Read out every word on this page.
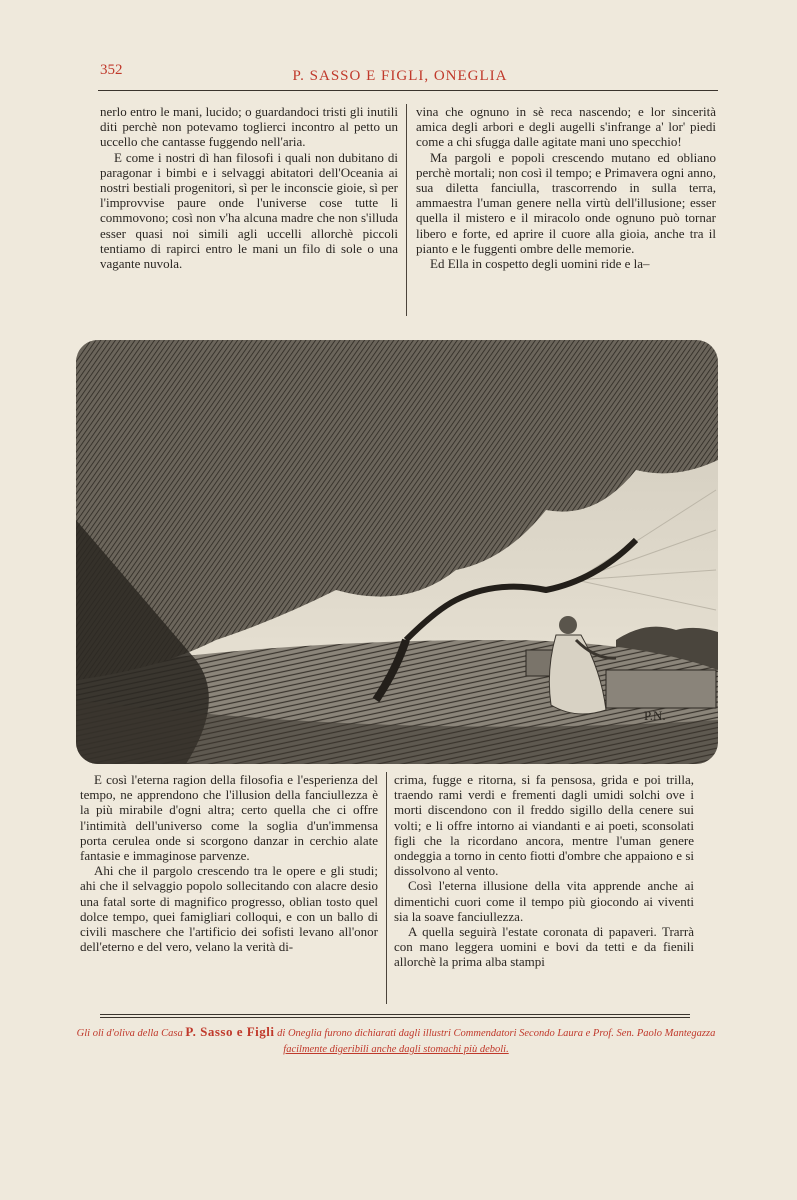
352	P. SASSO E FIGLI, ONEGLIA

nerlo entro le mani, lucido; o guardandoci tristi gli inutili diti perchè non potevamo toglierci incontro al petto un uccello che cantasse fuggendo nell'aria.

E come i nostri dì han filosofi i quali non dubitano di paragonar i bimbi e i selvaggi abitatori dell'Oceania ai nostri bestiali progenitori, sì per le inconscie gioie, sì per l'improvvise paure onde l'universe cose tutte li commovono; così non v'ha alcuna madre che non s'illuda esser quasi noi simili agli uccelli allorchè piccoli tentiamo di rapirci entro le mani un filo di sole o una vagante nuvola.

vina che ognuno in sè reca nascendo; e lor sincerità amica degli arbori e degli augelli s'infrange a' lor' piedi come a chi sfugga dalle agitate mani uno specchio!

Ma pargoli e popoli crescendo mutano ed obliano perchè mortali; non così il tempo; e Primavera ogni anno, sua diletta fanciulla, trascorrendo in sulla terra, ammaestra l'uman genere nella virtù dell'illusione; esser quella il mistero e il miracolo onde ognuno può tornar libero e forte, ed aprire il cuore alla gioia, anche tra il pianto e le fuggenti ombre delle memorie.

Ed Ella in cospetto degli uomini ride e la–

P.N.

E così l'eterna ragion della filosofia e l'esperienza del tempo, ne apprendono che l'illusion della fanciullezza è la più mirabile d'ogni altra; certo quella che ci offre l'intimità dell'universo come la soglia d'un'immensa porta cerulea onde si scorgono danzar in cerchio alate fantasie e immaginose parvenze.

Ahi che il pargolo crescendo tra le opere e gli studi; ahi che il selvaggio popolo sollecitando con alacre desio una fatal sorte di magnifico progresso, oblian tosto quel dolce tempo, quei famigliari colloqui, e con un ballo di civili maschere che l'artificio dei sofisti levano all'onor dell'eterno e del vero, velano la verità di-

crima, fugge e ritorna, si fa pensosa, grida e poi trilla, traendo rami verdi e frementi dagli umidi solchi ove i morti discendono con il freddo sigillo della cenere sui volti; e li offre intorno ai viandanti e ai poeti, sconsolati figli che la ricordano ancora, mentre l'uman genere ondeggia a torno in cento fiotti d'ombre che appaiono e si dissolvono al vento.

Così l'eterna illusione della vita apprende anche ai dimentichi cuori come il tempo più giocondo ai viventi sia la soave fanciullezza.

A quella seguirà l'estate coronata di papaveri. Trarrà con mano leggera uomini e bovi da tetti e da fienili allorchè la prima alba stampi

Gli oli d'oliva della Casa P. Sasso e Figli di Oneglia furono dichiarati dagli illustri Commendatori Secondo Laura e Prof. Sen. Paolo Mantegazza facilmente digeribili anche dagli stomachi più deboli.
